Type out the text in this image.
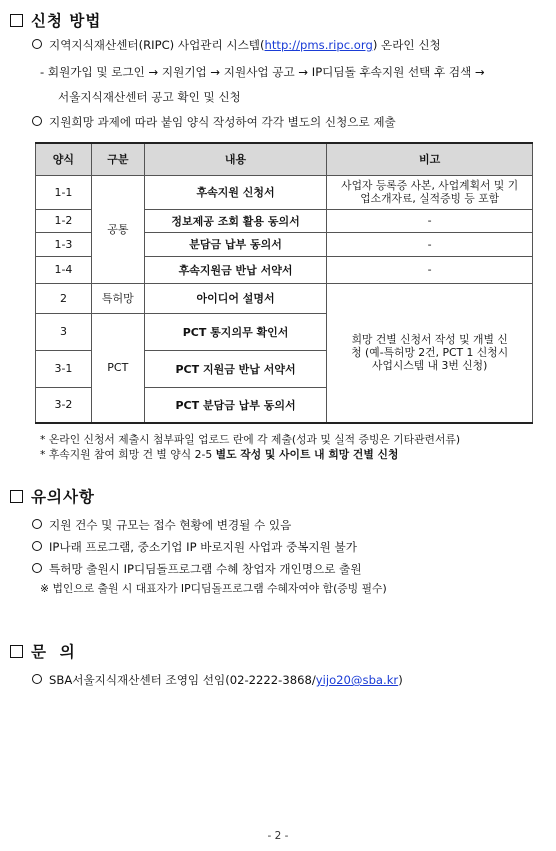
신청 방법
지역지식재산센터(RIPC) 사업관리 시스템(http://pms.ripc.org) 온라인 신청
- 회원가입 및 로그인 → 지원기업 → 지원사업 공고 → IP디딤돌 후속지원 선택 후 검색 →
서울지식재산센터 공고 확인 및 신청
지원희망 과제에 따라 붙임 양식 작성하여 각각 별도의 신청으로 제출
양식	구분	내용	비고
1-1	공통	후속지원 신청서	사업자 등록증 사본, 사업계획서 및 기업소개자료, 실적증빙 등 포함
1-2		정보제공 조회 활용 동의서	-
1-3		분담금 납부 동의서	-
1-4		후속지원금 반납 서약서	-
2	특허망	아이디어 설명서	희망 건별 신청서 작성 및 개별 신청 (예-특허망 2건, PCT 1 신청시 사업시스템 내 3번 신청)
3	PCT	PCT 통지의무 확인서	
3-1		PCT 지원금 반납 서약서	
3-2		PCT 분담금 납부 동의서	
* 온라인 신청서 제출시 첨부파일 업로드 란에 각 제출(성과 및 실적 증빙은 기타관련서류)
* 후속지원 참여 희망 건 별 양식 2-5 별도 작성 및 사이트 내 희망 건별 신청
유의사항
지원 건수 및 규모는 접수 현황에 변경될 수 있음
IP나래 프로그램, 중소기업 IP 바로지원 사업과 중복지원 불가
특허망 출원시 IP디딤돌프로그램 수혜 창업자 개인명으로 출원
※ 법인으로 출원 시 대표자가 IP디딤돌프로그램 수혜자여야 함(증빙 필수)
문  의
SBA서울지식재산센터 조영임 선임(02-2222-3868/yijo20@sba.kr)
- 2 -
